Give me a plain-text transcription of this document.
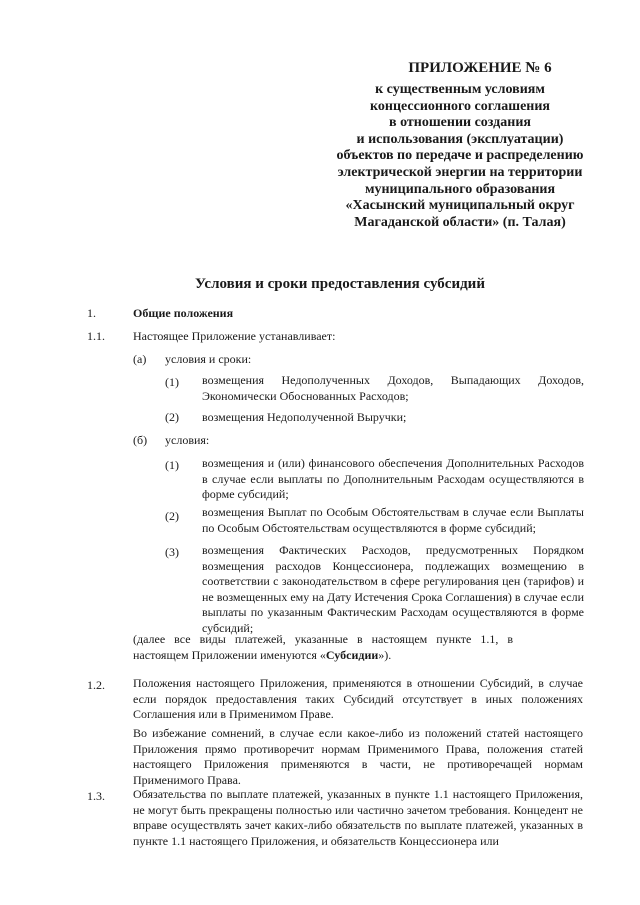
ПРИЛОЖЕНИЕ № 6
к существенным условиям
концессионного соглашения
в отношении создания
и использования (эксплуатации)
объектов по передаче и распределению
электрической энергии на территории
муниципального образования
«Хасынский муниципальный округ
Магаданской области» (п. Талая)
Условия и сроки предоставления субсидий
1.	Общие положения
1.1. Настоящее Приложение устанавливает:
(а) условия и сроки:
(1) возмещения Недополученных Доходов, Выпадающих Доходов, Экономически Обоснованных Расходов;
(2) возмещения Недополученной Выручки;
(б) условия:
(1) возмещения и (или) финансового обеспечения Дополнительных Расходов в случае если выплаты по Дополнительным Расходам осуществляются в форме субсидий;
(2) возмещения Выплат по Особым Обстоятельствам в случае если Выплаты по Особым Обстоятельствам осуществляются в форме субсидий;
(3) возмещения Фактических Расходов, предусмотренных Порядком возмещения расходов Концессионера, подлежащих возмещению в соответствии с законодательством в сфере регулирования цен (тарифов) и не возмещенных ему на Дату Истечения Срока Соглашения) в случае если выплаты по указанным Фактическим Расходам осуществляются в форме субсидий;
(далее все виды платежей, указанные в настоящем пункте 1.1, в настоящем Приложении именуются «Субсидии»).
1.2. Положения настоящего Приложения, применяются в отношении Субсидий, в случае если порядок предоставления таких Субсидий отсутствует в иных положениях Соглашения или в Применимом Праве.
Во избежание сомнений, в случае если какое-либо из положений статей настоящего Приложения прямо противоречит нормам Применимого Права, положения статей настоящего Приложения применяются в части, не противоречащей нормам Применимого Права.
1.3. Обязательства по выплате платежей, указанных в пункте 1.1 настоящего Приложения, не могут быть прекращены полностью или частично зачетом требования. Концедент не вправе осуществлять зачет каких-либо обязательств по выплате платежей, указанных в пункте 1.1 настоящего Приложения, и обязательств Концессионера или
